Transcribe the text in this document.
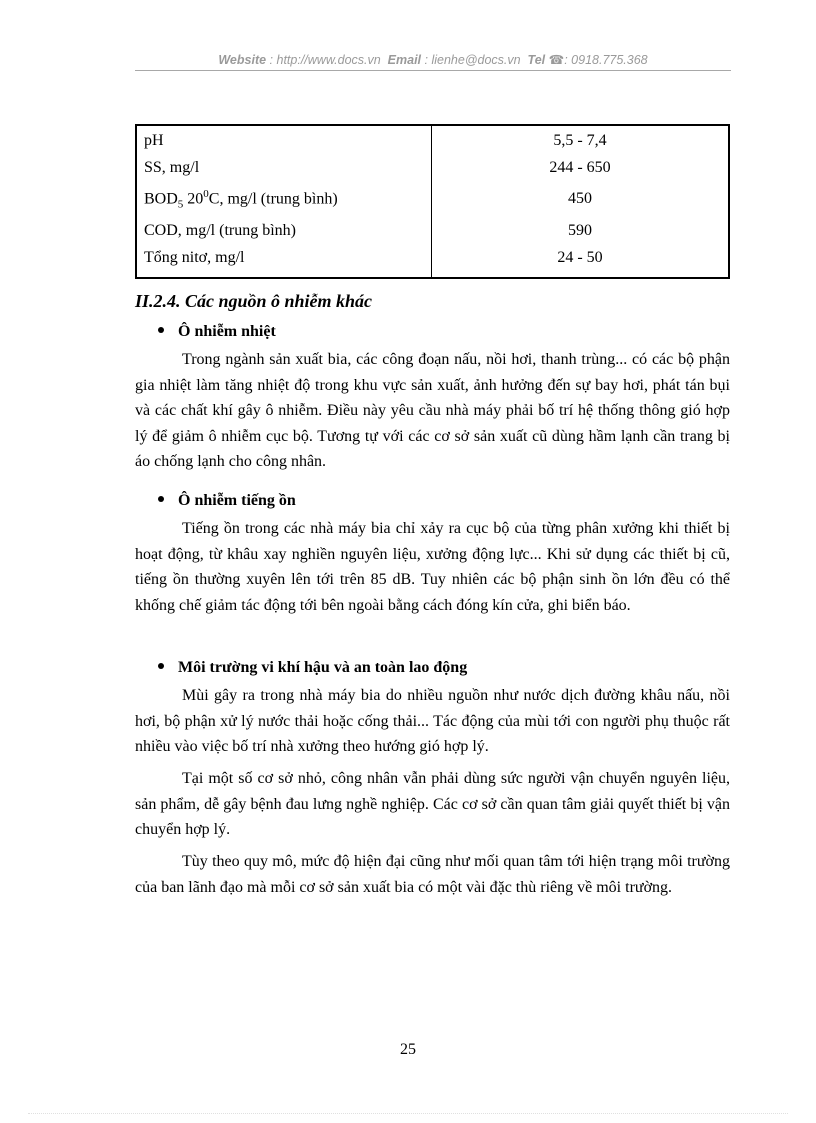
Website : http://www.docs.vn Email : lienhe@docs.vn Tel ☎: 0918.775.368
pH	5,5 - 7,4
SS, mg/l	244 - 650
$BOD_5$ $20^0C$, mg/l (trung bình)	450
COD, mg/l (trung bình)	590
Tổng nitơ, mg/l	24 - 50
II.2.4. Các nguồn ô nhiễm khác
Ô nhiễm nhiệt
Trong ngành sản xuất bia, các công đoạn nấu, nồi hơi, thanh trùng... có các bộ phận gia nhiệt làm tăng nhiệt độ trong khu vực sản xuất, ảnh hưởng đến sự bay hơi, phát tán bụi và các chất khí gây ô nhiễm. Điều này yêu cầu nhà máy phải bố trí hệ thống thông gió hợp lý để giảm ô nhiễm cục bộ. Tương tự với các cơ sở sản xuất cũ dùng hầm lạnh cần trang bị áo chống lạnh cho công nhân.
Ô nhiễm tiếng ồn
Tiếng ồn trong các nhà máy bia chỉ xảy ra cục bộ của từng phân xưởng khi thiết bị hoạt động, từ khâu xay nghiền nguyên liệu, xưởng động lực... Khi sử dụng các thiết bị cũ, tiếng ồn thường xuyên lên tới trên 85 dB. Tuy nhiên các bộ phận sinh ồn lớn đều có thể khống chế giảm tác động tới bên ngoài bằng cách đóng kín cửa, ghi biển báo.
Môi trường vi khí hậu và an toàn lao động
Mùi gây ra trong nhà máy bia do nhiều nguồn như nước dịch đường khâu nấu, nồi hơi, bộ phận xử lý nước thải hoặc cống thải... Tác động của mùi tới con người phụ thuộc rất nhiều vào việc bố trí nhà xưởng theo hướng gió hợp lý.
Tại một số cơ sở nhỏ, công nhân vẫn phải dùng sức người vận chuyển nguyên liệu, sản phẩm, dễ gây bệnh đau lưng nghề nghiệp. Các cơ sở cần quan tâm giải quyết thiết bị vận chuyển hợp lý.
Tùy theo quy mô, mức độ hiện đại cũng như mối quan tâm tới hiện trạng môi trường của ban lãnh đạo mà mỗi cơ sở sản xuất bia có một vài đặc thù riêng về môi trường.
25
